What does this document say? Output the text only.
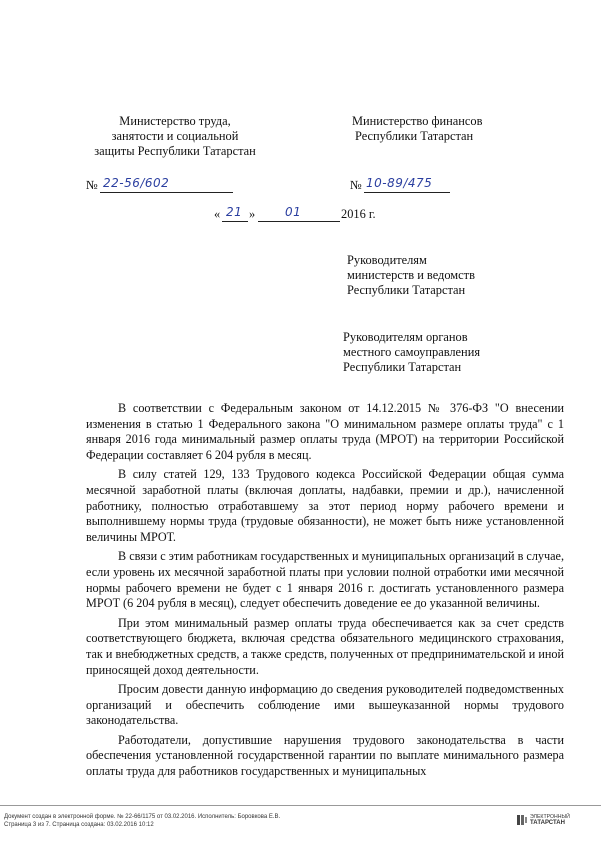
Министерство труда,
занятости и социальной
защиты Республики Татарстан
№ 22-56/602
Министерство финансов
Республики Татарстан
№ 10-89/475
« 21 » 01	2016 г.
Руководителям
министерств и ведомств
Республики Татарстан
Руководителям органов
местного самоуправления
Республики Татарстан

В соответствии с Федеральным законом от 14.12.2015 № 376-ФЗ "О внесении изменения в статью 1 Федерального закона "О минимальном размере оплаты труда" с 1 января 2016 года минимальный размер оплаты труда (МРОТ) на территории Российской Федерации составляет 6 204 рубля в месяц.

В силу статей 129, 133 Трудового кодекса Российской Федерации общая сумма месячной заработной платы (включая доплаты, надбавки, премии и др.), начисленной работнику, полностью отработавшему за этот период норму рабочего времени и выполнившему нормы труда (трудовые обязанности), не может быть ниже установленной величины МРОТ.

В связи с этим работникам государственных и муниципальных организаций в случае, если уровень их месячной заработной платы при условии полной отработки ими месячной нормы рабочего времени не будет с 1 января 2016 г. достигать установленного размера МРОТ (6 204 рубля в месяц), следует обеспечить доведение ее до указанной величины.

При этом минимальный размер оплаты труда обеспечивается как за счет средств соответствующего бюджета, включая средства обязательного медицинского страхования, так и внебюджетных средств, а также средств, полученных от предпринимательской и иной приносящей доход деятельности.

Просим довести данную информацию до сведения руководителей подведомственных организаций и обеспечить соблюдение ими вышеуказанной нормы трудового законодательства.

Работодатели, допустившие нарушения трудового законодательства в части обеспечения установленной государственной гарантии по выплате минимального размера оплаты труда для работников государственных и муниципальных

Документ создан в электронной форме. № 22-66/1175 от 03.02.2016. Исполнитель: Боровкова Е.В.
Страница 3 из 7. Страница создана: 03.02.2016 10:12
ЭЛЕКТРОННЫЙ
ТАТАРСТАН
